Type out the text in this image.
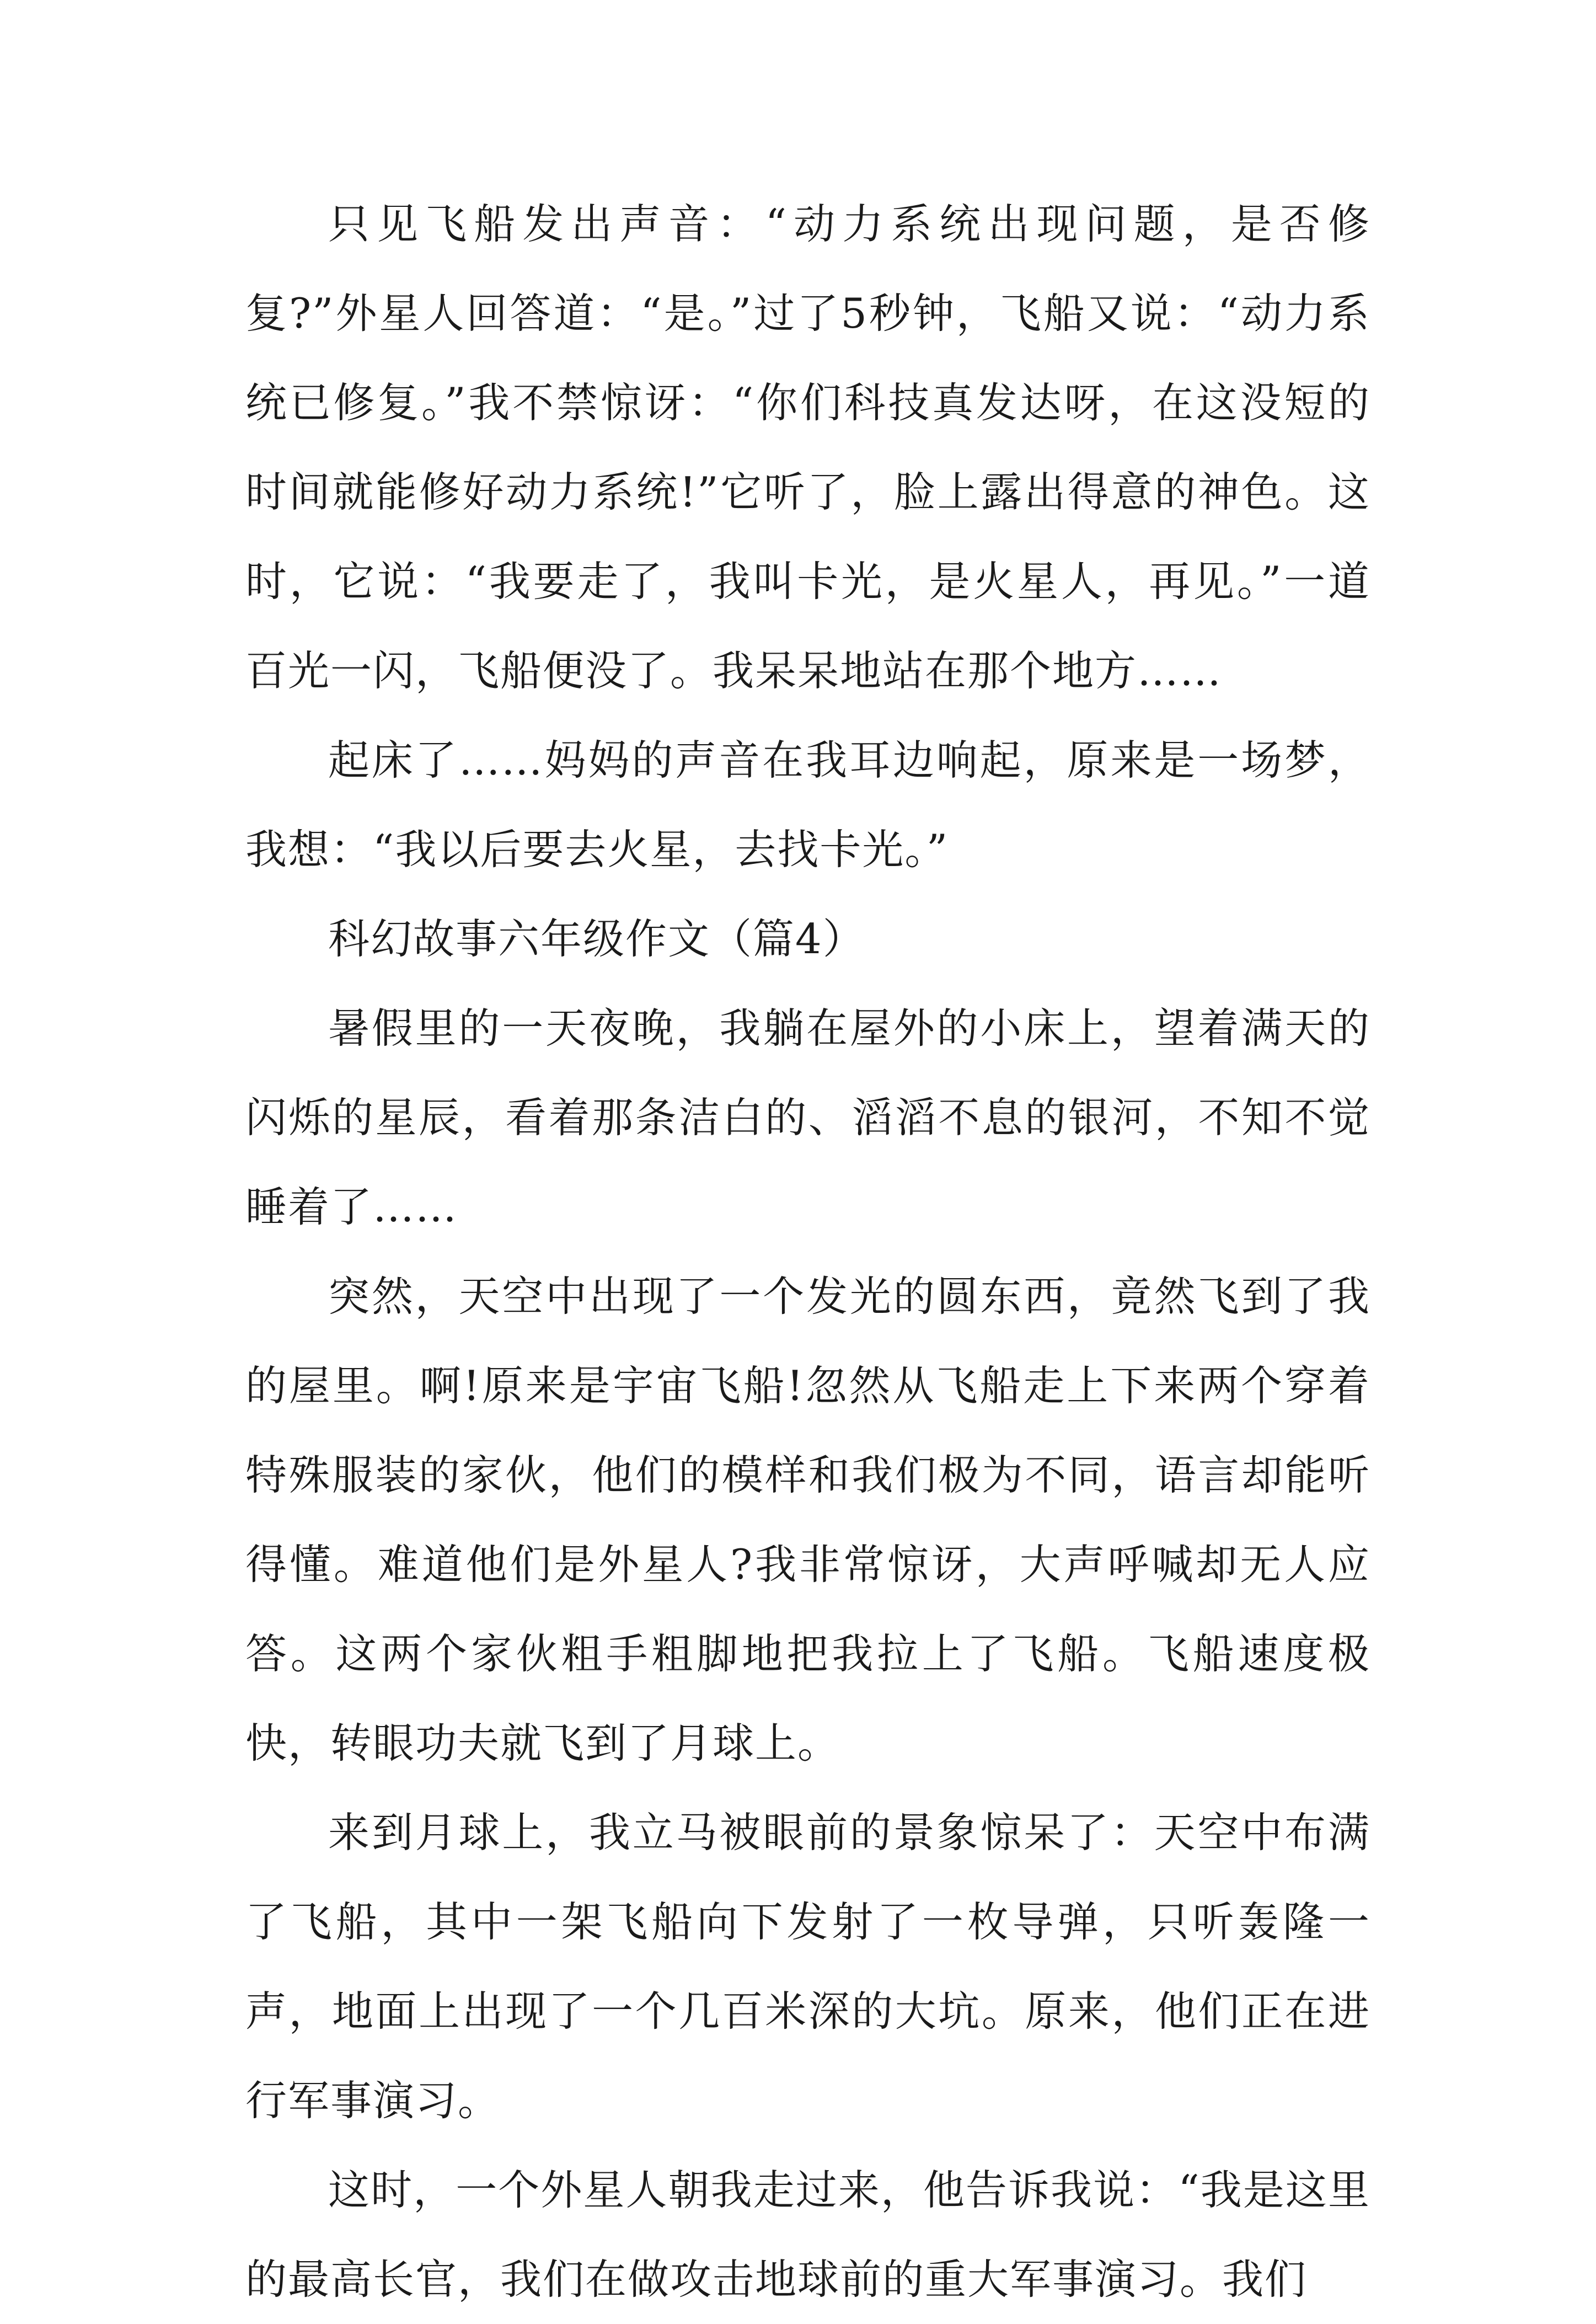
只见飞船发出声音：“动力系统出现问题，是否修复?”外星人回答道：“是。”过了5秒钟，飞船又说：“动力系统已修复。”我不禁惊讶：“你们科技真发达呀，在这没短的时间就能修好动力系统!”它听了，脸上露出得意的神色。这时，它说：“我要走了，我叫卡光，是火星人，再见。”一道百光一闪，飞船便没了。我呆呆地站在那个地方……

起床了……妈妈的声音在我耳边响起，原来是一场梦，我想：“我以后要去火星，去找卡光。”

科幻故事六年级作文（篇4）

暑假里的一天夜晚，我躺在屋外的小床上，望着满天的闪烁的星辰，看着那条洁白的、滔滔不息的银河，不知不觉睡着了……

突然，天空中出现了一个发光的圆东西，竟然飞到了我的屋里。啊!原来是宇宙飞船!忽然从飞船走上下来两个穿着特殊服装的家伙，他们的模样和我们极为不同，语言却能听得懂。难道他们是外星人?我非常惊讶，大声呼喊却无人应答。这两个家伙粗手粗脚地把我拉上了飞船。飞船速度极快，转眼功夫就飞到了月球上。

来到月球上，我立马被眼前的景象惊呆了：天空中布满了飞船，其中一架飞船向下发射了一枚导弹，只听轰隆一声，地面上出现了一个几百米深的大坑。原来，他们正在进行军事演习。

这时，一个外星人朝我走过来，他告诉我说：“我是这里的最高长官，我们在做攻击地球前的重大军事演习。我们
